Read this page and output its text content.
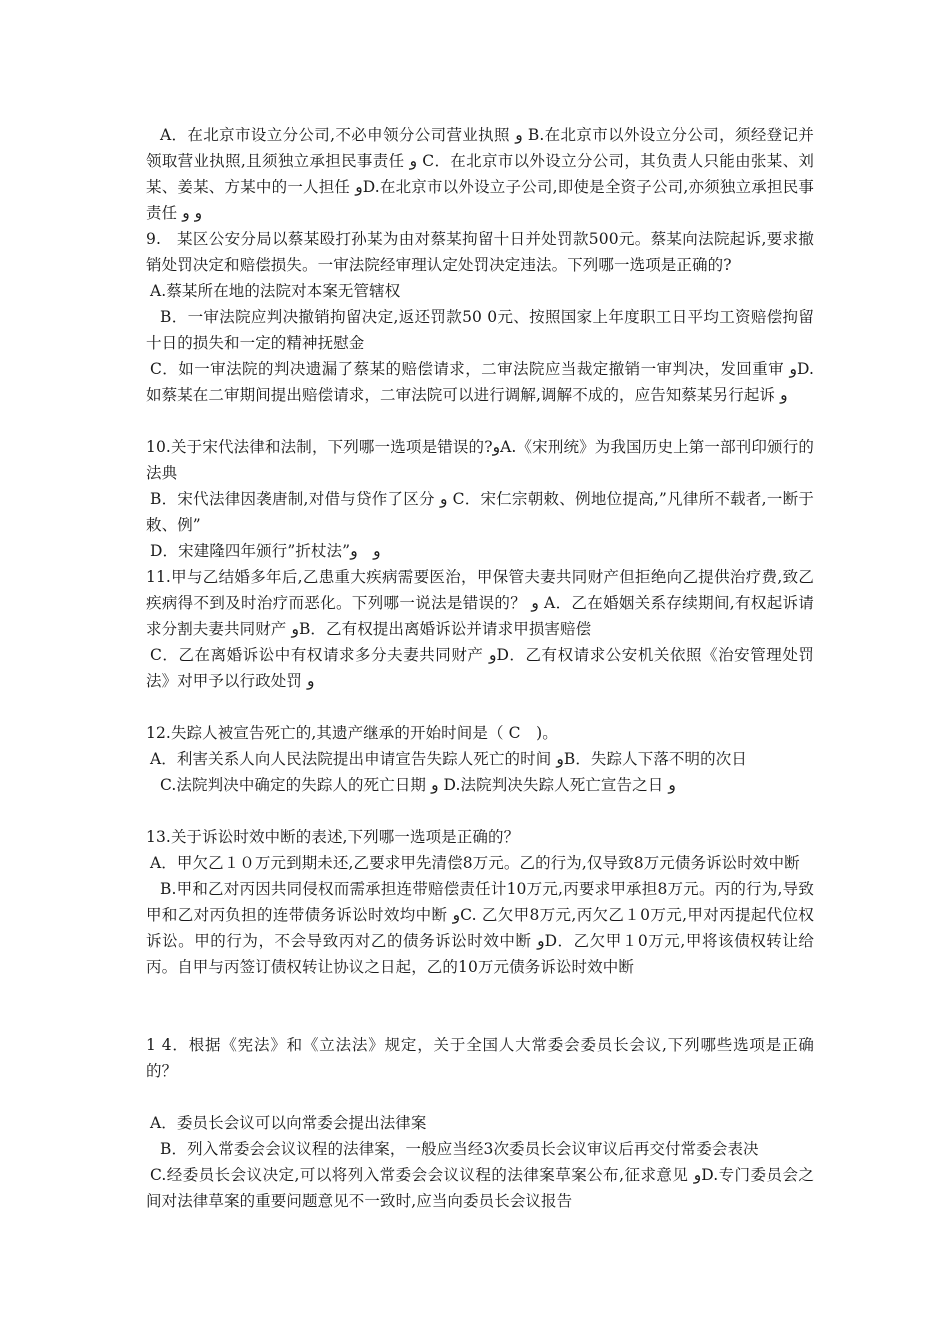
A．在北京市设立分公司,不必申领分公司营业执照 ﻭ B.在北京市以外设立分公司，须经登记并领取营业执照,且须独立承担民事责任 ﻭ C．在北京市以外设立分公司，其负责人只能由张某、刘某、姜某、方某中的一人担任 ﻭD.在北京市以外设立子公司,即使是全资子公司,亦须独立承担民事责任 ﻭ ﻭ

9.　某区公安分局以蔡某殴打孙某为由对蔡某拘留十日并处罚款500元。蔡某向法院起诉,要求撤销处罚决定和赔偿损失。一审法院经审理认定处罚决定违法。下列哪一选项是正确的?

A.蔡某所在地的法院对本案无管辖权

B．一审法院应判决撤销拘留决定,返还罚款50 0元、按照国家上年度职工日平均工资赔偿拘留十日的损失和一定的精神抚慰金

C．如一审法院的判决遗漏了蔡某的赔偿请求，二审法院应当裁定撤销一审判决，发回重审 ﻭD.如蔡某在二审期间提出赔偿请求，二审法院可以进行调解,调解不成的，应告知蔡某另行起诉 ﻭ

10.关于宋代法律和法制，下列哪一选项是错误的?ﻭA.《宋刑统》为我国历史上第一部刊印颁行的法典

B．宋代法律因袭唐制,对借与贷作了区分 ﻭ C．宋仁宗朝敕、例地位提高,”凡律所不载者,一断于敕、例”

D．宋建隆四年颁行”折杖法”ﻭ　ﻭ

11.甲与乙结婚多年后,乙患重大疾病需要医治，甲保管夫妻共同财产但拒绝向乙提供治疗费,致乙疾病得不到及时治疗而恶化。下列哪一说法是错误的？ ﻭ A．乙在婚姻关系存续期间,有权起诉请求分割夫妻共同财产 ﻭB．乙有权提出离婚诉讼并请求甲损害赔偿

C．乙在离婚诉讼中有权请求多分夫妻共同财产 ﻭD．乙有权请求公安机关依照《治安管理处罚法》对甲予以行政处罚 ﻭ

12.失踪人被宣告死亡的,其遗产继承的开始时间是（ C　)。

A．利害关系人向人民法院提出申请宣告失踪人死亡的时间 ﻭB．失踪人下落不明的次日

C.法院判决中确定的失踪人的死亡日期 ﻭ D.法院判决失踪人死亡宣告之日 ﻭ

13.关于诉讼时效中断的表述,下列哪一选项是正确的？

A．甲欠乙１０万元到期未还,乙要求甲先清偿8万元。乙的行为,仅导致8万元债务诉讼时效中断

B.甲和乙对丙因共同侵权而需承担连带赔偿责任计10万元,丙要求甲承担8万元。丙的行为,导致甲和乙对丙负担的连带债务诉讼时效均中断 ﻭC. 乙欠甲8万元,丙欠乙１0万元,甲对丙提起代位权诉讼。甲的行为，不会导致丙对乙的债务诉讼时效中断 ﻭD．乙欠甲１0万元,甲将该债权转让给丙。自甲与丙签订债权转让协议之日起，乙的10万元债务诉讼时效中断

1 4．根据《宪法》和《立法法》规定，关于全国人大常委会委员长会议,下列哪些选项是正确的？

A．委员长会议可以向常委会提出法律案

B．列入常委会会议议程的法律案，一般应当经3次委员长会议审议后再交付常委会表决

C.经委员长会议决定,可以将列入常委会会议议程的法律案草案公布,征求意见 ﻭD.专门委员会之间对法律草案的重要问题意见不一致时,应当向委员长会议报告
